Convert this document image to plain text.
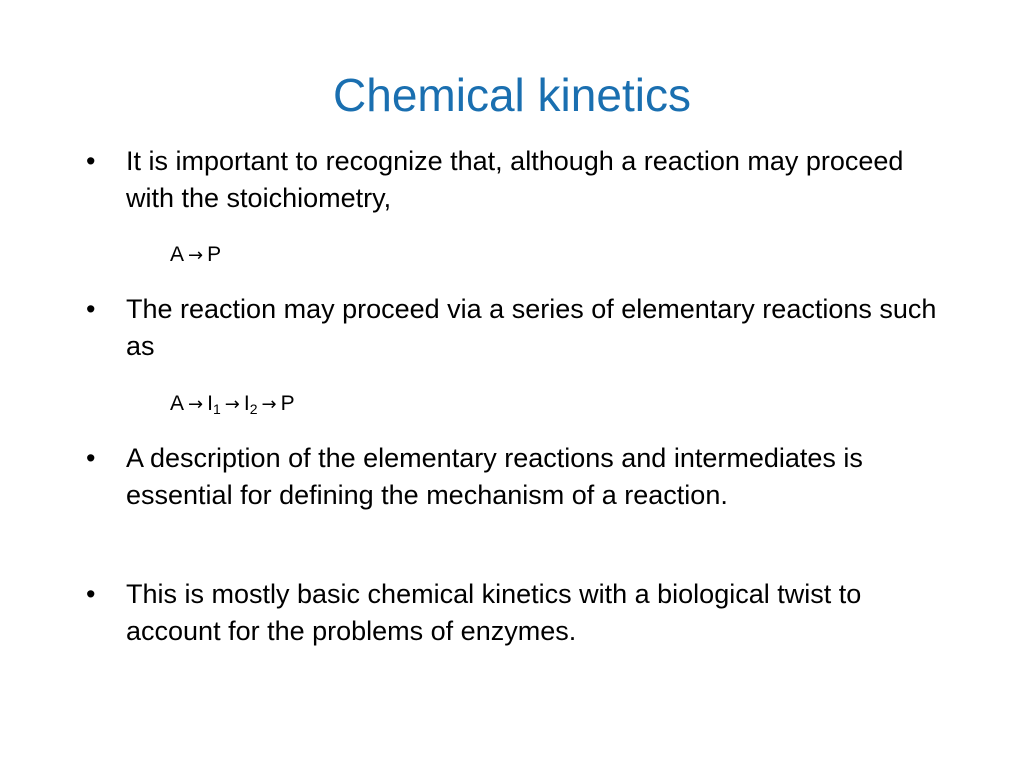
Chemical kinetics
•	It is important to recognize that, although a reaction may proceed with the stoichiometry,
A → P
•	The reaction may proceed via a series of elementary reactions such as
$A \to I_1 \to I_2 \to P$
•	A description of the elementary reactions and intermediates is essential for defining the mechanism of a reaction.
•	This is mostly basic chemical kinetics with a biological twist to account for the problems of enzymes.
